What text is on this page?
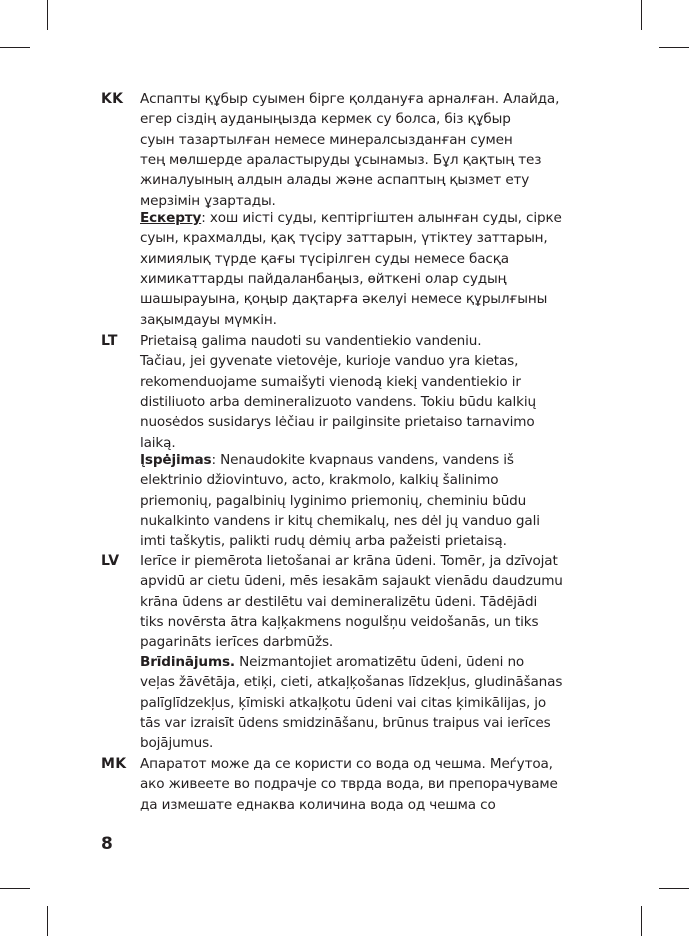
KK Аспапты құбыр суымен бірге қолдануға арналған. Алайда,
егер сіздің ауданыңызда кермек су болса, біз құбыр
суын тазартылған немесе минералсызданған сумен
тең мөлшерде араластыруды ұсынамыз. Бұл қақтың тез
жиналуының алдын алады және аспаптың қызмет ету
мерзімін ұзартады.
Ескерту: хош иісті суды, кептіргіштен алынған суды, сірке
суын, крахмалды, қақ түсіру заттарын, үтіктеу заттарын,
химиялық түрде қағы түсірілген суды немесе басқа
химикаттарды пайдаланбаңыз, өйткені олар судың
шашырауына, қоңыр дақтарға әкелуі немесе құрылғыны
зақымдауы мүмкін.
LT Prietaisą galima naudoti su vandentiekio vandeniu.
Tačiau, jei gyvenate vietovėje, kurioje vanduo yra kietas,
rekomenduojame sumaišyti vienodą kiekį vandentiekio ir
distiliuoto arba demineralizuoto vandens. Tokiu būdu kalkių
nuosėdos susidarys lėčiau ir pailginsite prietaiso tarnavimo
laiką.
Įspėjimas: Nenaudokite kvapnaus vandens, vandens iš
elektrinio džiovintuvo, acto, krakmolo, kalkių šalinimo
priemonių, pagalbinių lyginimo priemonių, cheminiu būdu
nukalkinto vandens ir kitų chemikalų, nes dėl jų vanduo gali
imti taškytis, palikti rudų dėmių arba pažeisti prietaisą.
LV Ierīce ir piemērota lietošanai ar krāna ūdeni. Tomēr, ja dzīvojat
apvidū ar cietu ūdeni, mēs iesakām sajaukt vienādu daudzumu
krāna ūdens ar destilētu vai demineralizētu ūdeni. Tādējādi
tiks novērsta ātra kaļķakmens nogulšņu veidošanās, un tiks
pagarināts ierīces darbmūžs.
Brīdinājums. Neizmantojiet aromatizētu ūdeni, ūdeni no
veļas žāvētāja, etiķi, cieti, atkaļķošanas līdzekļus, gludināšanas
palīglīdzekļus, ķīmiski atkaļķotu ūdeni vai citas ķimikālijas, jo
tās var izraisīt ūdens smidzināšanu, brūnus traipus vai ierīces
bojājumus.
MK Апаратот може да се користи со вода од чешма. Меѓутоа,
ако живеете во подрачје со тврда вода, ви препорачуваме
да измешате еднаква количина вода од чешма со
8
